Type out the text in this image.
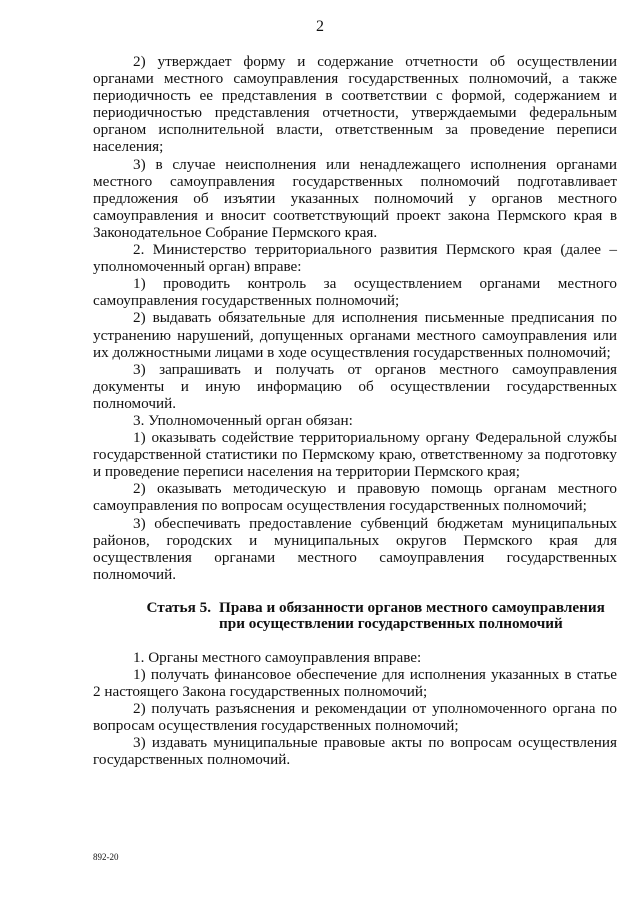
2

2) утверждает форму и содержание отчетности об осуществлении органами местного самоуправления государственных полномочий, а также периодичность ее представления в соответствии с формой, содержанием и периодичностью представления отчетности, утверждаемыми федеральным органом исполнительной власти, ответственным за проведение переписи населения;

3) в случае неисполнения или ненадлежащего исполнения органами местного самоуправления государственных полномочий подготавливает предложения об изъятии указанных полномочий у органов местного самоуправления и вносит соответствующий проект закона Пермского края в Законодательное Собрание Пермского края.

2. Министерство территориального развития Пермского края (далее – уполномоченный орган) вправе:

1) проводить контроль за осуществлением органами местного самоуправления государственных полномочий;

2) выдавать обязательные для исполнения письменные предписания по устранению нарушений, допущенных органами местного самоуправления или их должностными лицами в ходе осуществления государственных полномочий;

3) запрашивать и получать от органов местного самоуправления документы и иную информацию об осуществлении государственных полномочий.

3. Уполномоченный орган обязан:

1) оказывать содействие территориальному органу Федеральной службы государственной статистики по Пермскому краю, ответственному за подготовку и проведение переписи населения на территории Пермского края;

2) оказывать методическую и правовую помощь органам местного самоуправления по вопросам осуществления государственных полномочий;

3) обеспечивать предоставление субвенций бюджетам муниципальных районов, городских и муниципальных округов Пермского края для осуществления органами местного самоуправления государственных полномочий.

Статья 5. Права и обязанности органов местного самоуправления при осуществлении государственных полномочий

1. Органы местного самоуправления вправе:

1) получать финансовое обеспечение для исполнения указанных в статье 2 настоящего Закона государственных полномочий;

2) получать разъяснения и рекомендации от уполномоченного органа по вопросам осуществления государственных полномочий;

3) издавать муниципальные правовые акты по вопросам осуществления государственных полномочий.

892-20
